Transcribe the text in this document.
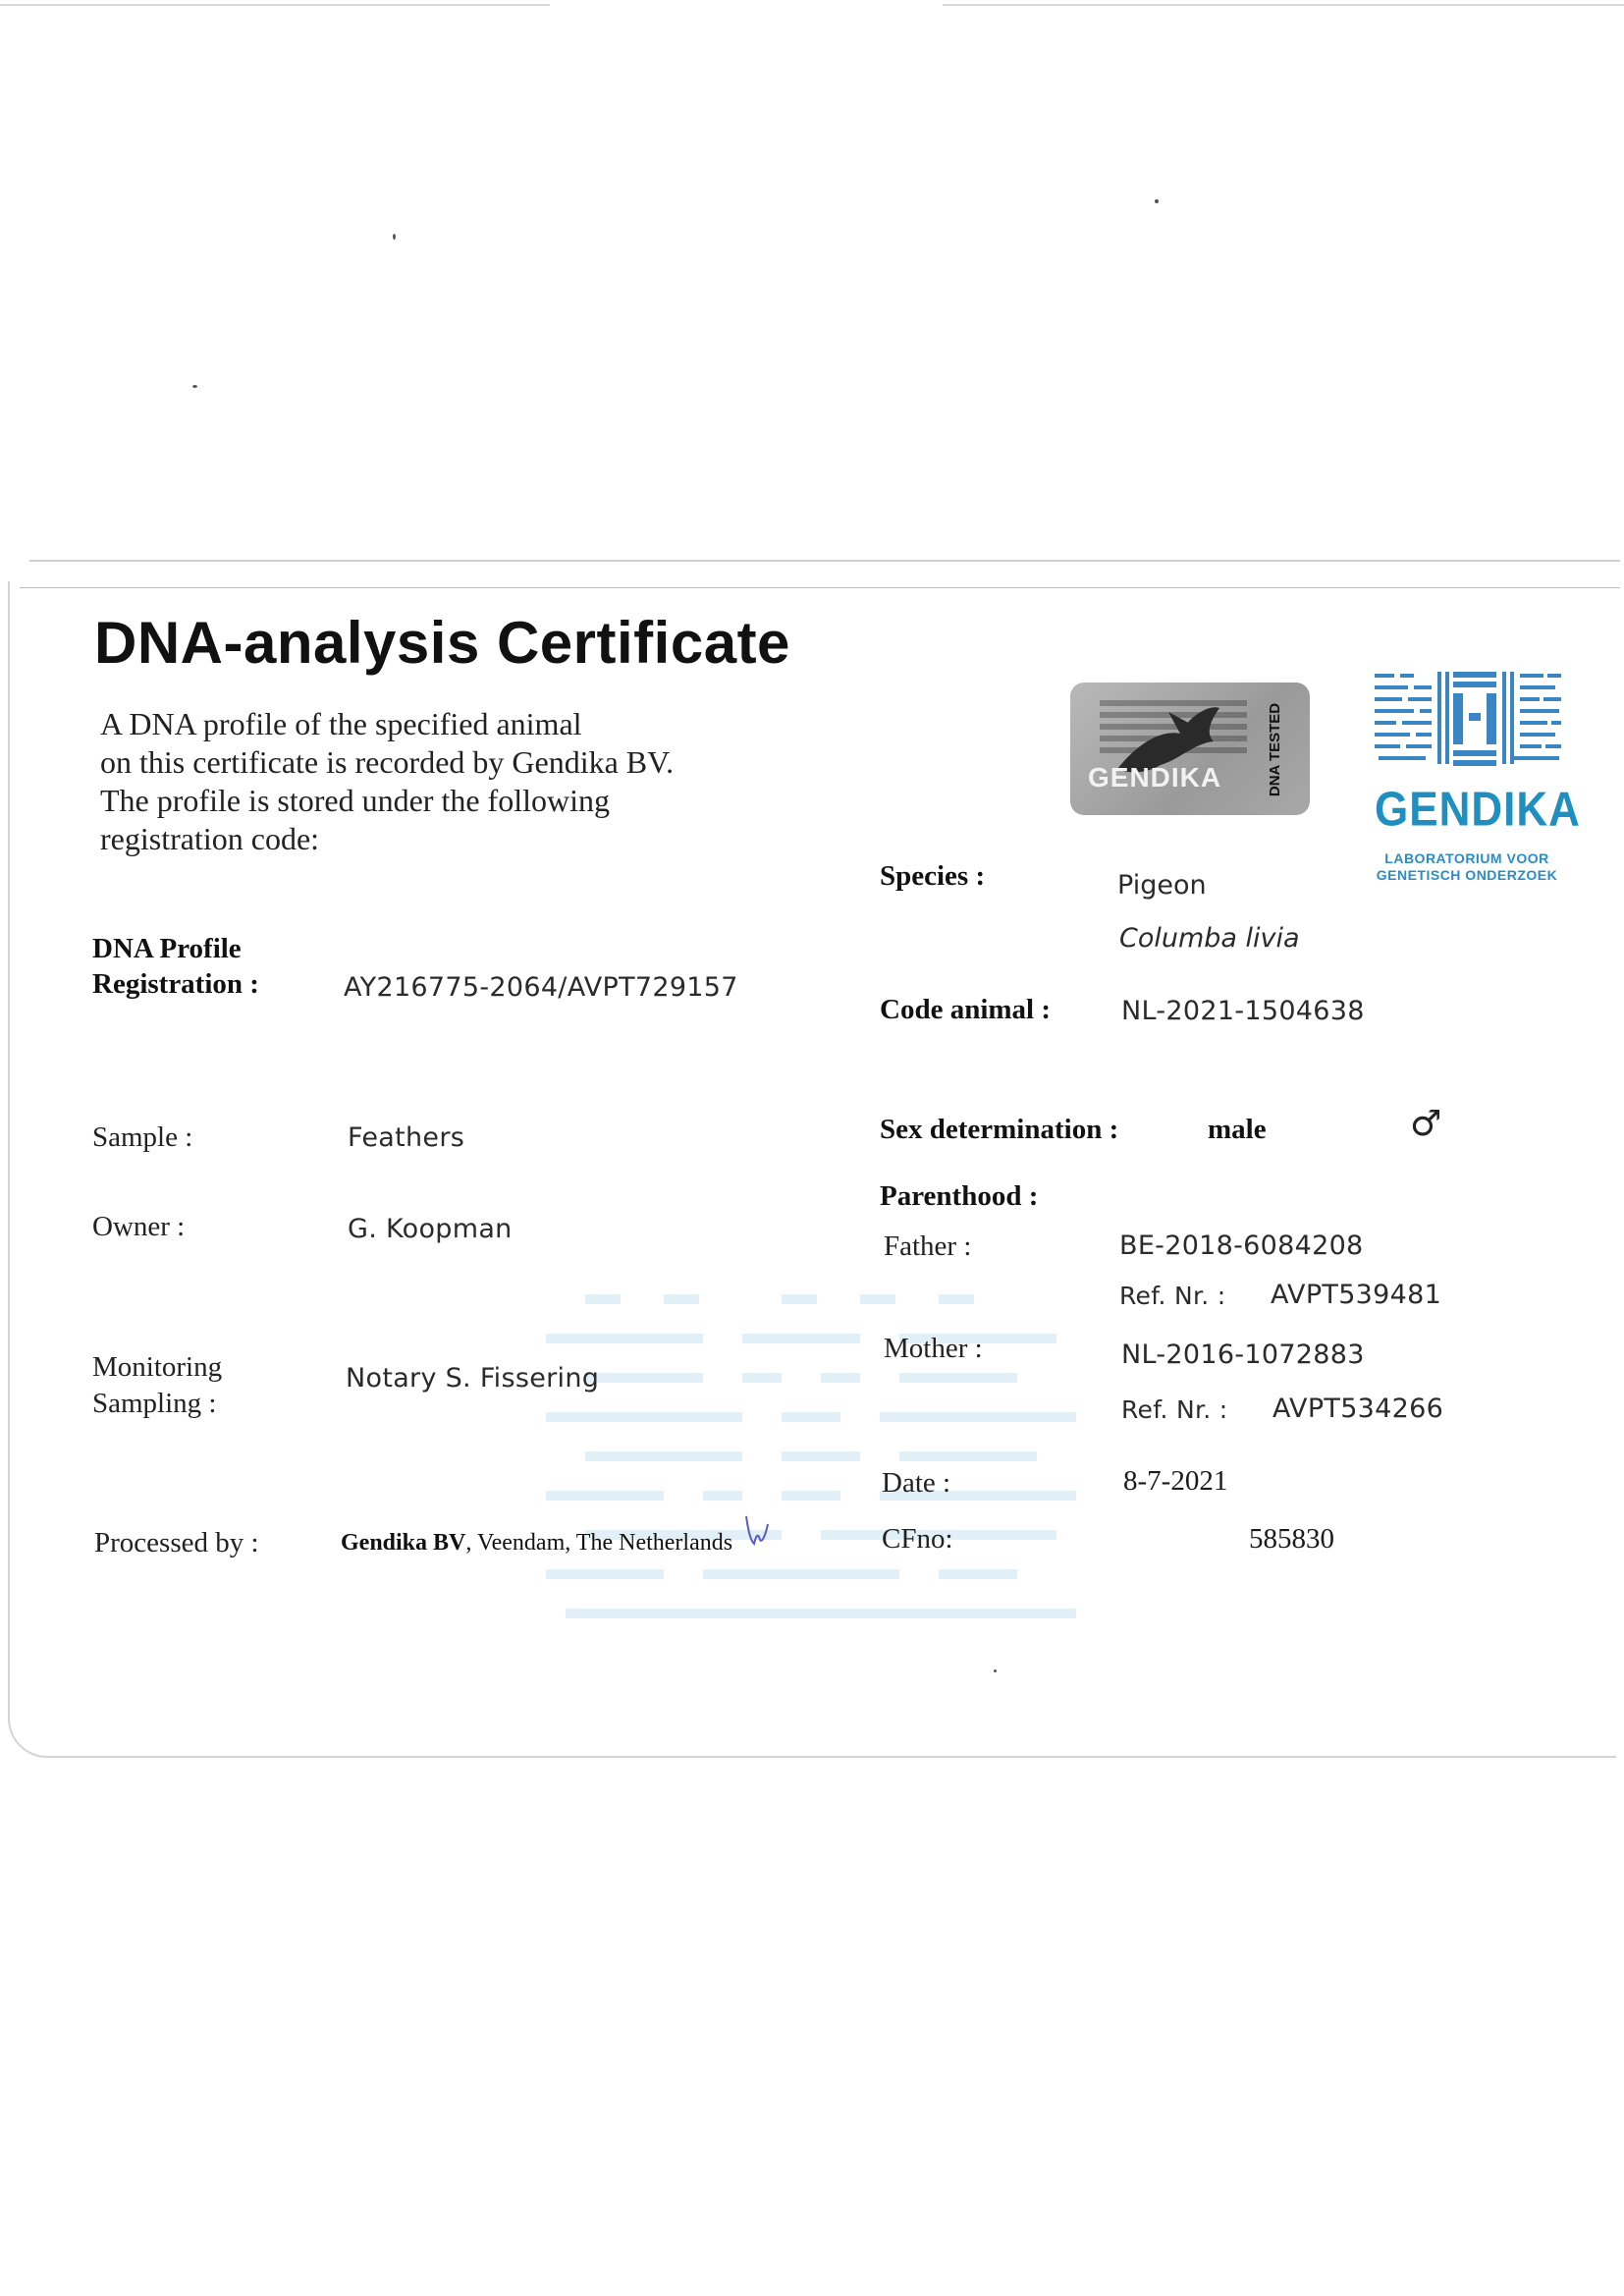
DNA-analysis Certificate
A DNA profile of the specified animal
on this certificate is recorded by Gendika BV.
The profile is stored under the following
registration code:
GENDIKA	DNA TESTED
GENDIKA
LABORATORIUM VOOR GENETISCH ONDERZOEK
DNA Profile
Registration :	AY216775-2064/AVPT729157
Sample :	Feathers
Owner :	G. Koopman
Monitoring
Sampling :
Notary S. Fissering
Processed by :	Gendika BV, Veendam, The Netherlands
Species :	Pigeon
Columba livia
Code animal :	NL-2021-1504638
Sex determination :	male	♂
Parenthood :
Father :	BE-2018-6084208
Ref. Nr. : AVPT539481
Mother :	NL-2016-1072883
Ref. Nr. : AVPT534266
Date :	8-7-2021
CFno:	585830
